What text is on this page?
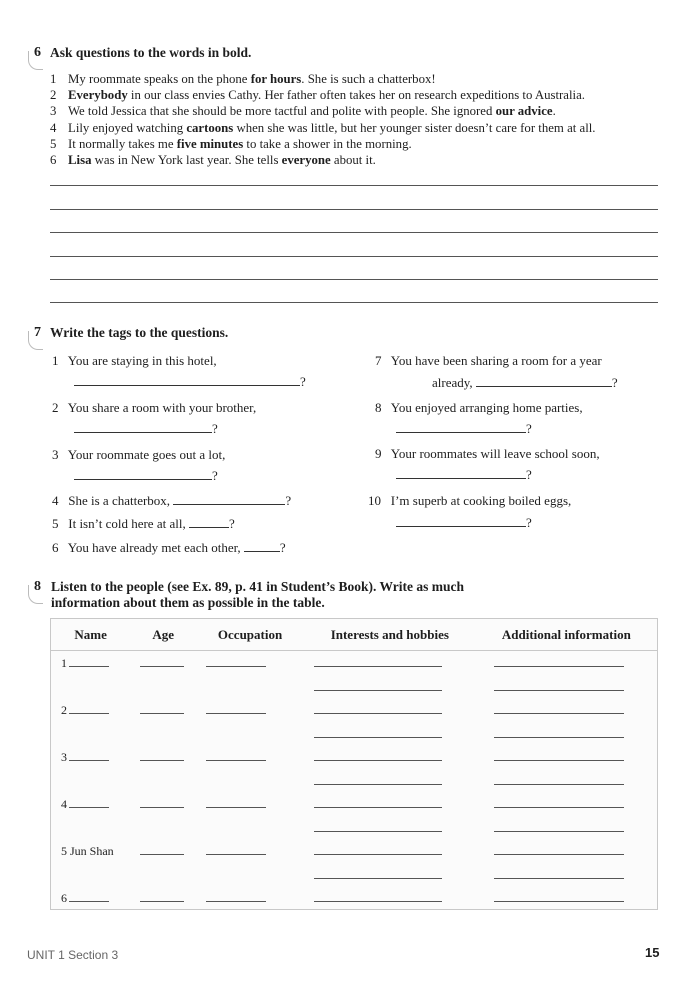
6 Ask questions to the words in bold.
1 My roommate speaks on the phone for hours. She is such a chatterbox!
2 Everybody in our class envies Cathy. Her father often takes her on research expeditions to Australia.
3 We told Jessica that she should be more tactful and polite with people. She ignored our advice.
4 Lily enjoyed watching cartoons when she was little, but her younger sister doesn’t care for them at all.
5 It normally takes me five minutes to take a shower in the morning.
6 Lisa was in New York last year. She tells everyone about it.
7 Write the tags to the questions.
1 You are staying in this hotel,
?
2 You share a room with your brother,
?
3 Your roommate goes out a lot,
?
4 She is a chatterbox,	?
5 It isn’t cold here at all,	?
6 You have already met each other,	?
7 You have been sharing a room for a year
already,	?
8 You enjoyed arranging home parties,
?
9 Your roommates will leave school soon,
?
10 I’m superb at cooking boiled eggs,
?
8 Listen to the people (see Ex. 89, p. 41 in Student’s Book). Write as much
information about them as possible in the table.
Name	Age	Occupation	Interests and hobbies	Additional information
1				

2				

3				

4				

5 Jun Shan				

6				
UNIT 1 Section 3	15
